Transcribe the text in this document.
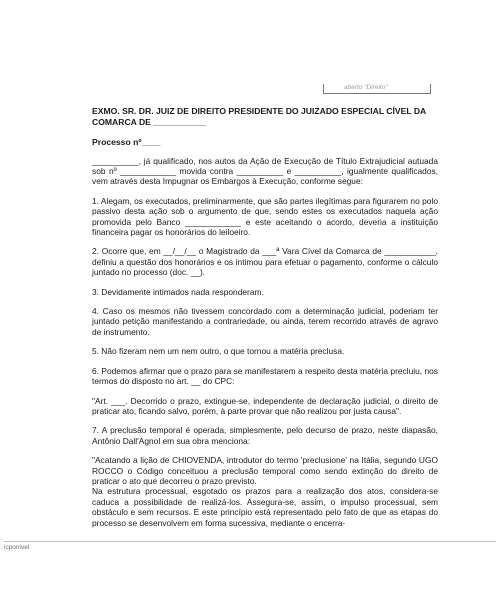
aberto "Direito"
EXMO. SR. DR. JUIZ DE DIREITO PRESIDENTE DO JUIZADO ESPECIAL CÍVEL DA COMARCA DE ___________
Processo nº____

__________, já qualificado, nos autos da Ação de Execução de Título Extrajudicial autuada sob nº ____________ movida contra __________ e __________, igualmente qualificados, vem através desta Impugnar os Embargos à Execução, conforme segue:

1. Alegam, os executados, preliminarmente, que são partes ilegítimas para figurarem no polo passivo desta ação sob o argumento de que, sendo estes os executados naquela ação promovida pelo Banco ____________ e este aceitando o acordo, deveria a instituição financeira pagar os honorários do leiloeiro.

2. Ocorre que, em __/__/__ o Magistrado da ___ª Vara Cível da Comarca de ___________, definiu a questão dos honorários e os intimou para efetuar o pagamento, conforme o cálculo juntado no processo (doc. __).

3. Devidamente intimados nada responderam.

4. Caso os mesmos não tivessem concordado com a determinação judicial, poderiam ter juntado petição manifestando a contrariedade, ou ainda, terem recorrido através de agravo de instrumento.

5. Não fizeram nem um nem outro, o que tornou a matéria preclusa.

6. Podemos afirmar que o prazo para se manifestarem a respeito desta matéria precluiu, nos termos do disposto no art. __ do CPC:

"Art. ___. Decorrido o prazo, extingue-se, independente de declaração judicial, o direito de praticar ato, ficando salvo, porém, à parte provar que não realizou por justa causa".

7. A preclusão temporal é operada, simplesmente, pelo decurso de prazo, neste diapasão, Antônio Dall'Agnol em sua obra menciona:

"Acatando a lição de CHIOVENDA, introdutor do termo 'preclusione' na Itália, segundo UGO ROCCO o Código conceituou a preclusão temporal como sendo extinção do direito de praticar o ato que decorreu o prazo previsto.

Na estrutura processual, esgotado os prazos para a realização dos atos, considera-se caduca a possibilidade de realizá-los. Assegura-se, assim, o impulso processual, sem obstáculo e sem recursos. E este princípio está representado pelo fato de que as etapas do processo se desenvolvem em forma sucessiva, mediante o encerra-

icponivel
